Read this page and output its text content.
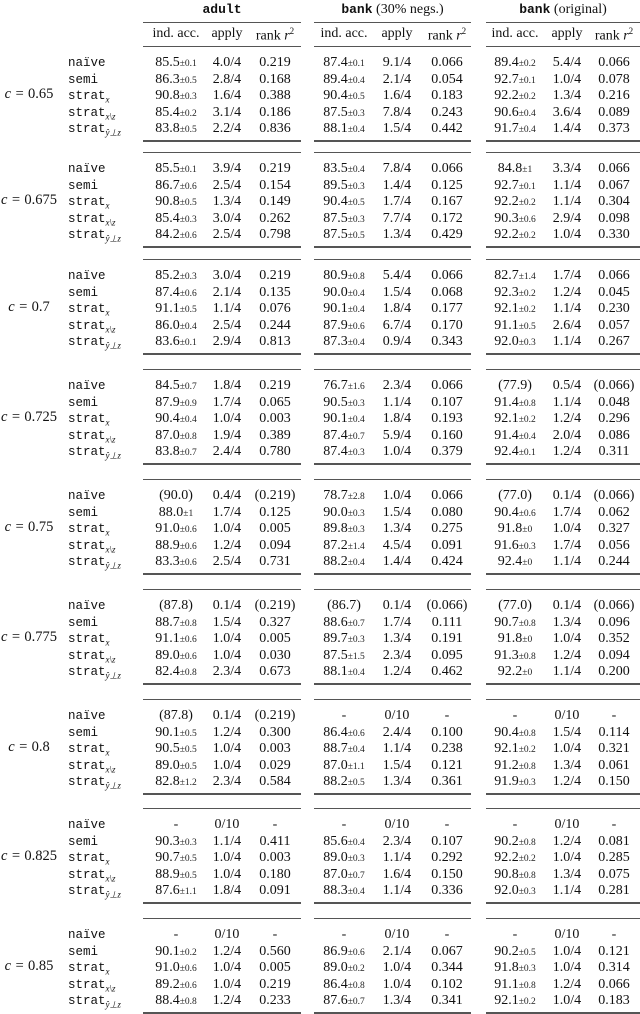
adult
ind. acc. apply rank $r^2$
bank (30% negs.)
ind. acc. apply	rank $r^2$
bank (original)
ind. acc. apply rank $r^2$
c = 0.65
naïve	85.5±0.1	4.0/4	0.219	87.4±0.1	9.1/4	0.066	89.4±0.2	5.4/4	0.066
semi	86.3±0.5	2.8/4	0.168	89.4±0.4	2.1/4	0.054	92.7±0.1	1.0/4	0.078
strat$_x$	90.8±0.3	1.6/4	0.388	90.4±0.5	1.6/4	0.183	92.2±0.2	1.3/4	0.216
strat$_{x\backslash z}$	85.4±0.2	3.1/4	0.186	87.5±0.3	7.8/4	0.243	90.6±0.4	3.6/4	0.089
strat$_{ŷ\perp z}$	83.8±0.5	2.2/4	0.836	88.1±0.4	1.5/4	0.442	91.7±0.4	1.4/4	0.373
c = 0.675
naïve	85.5±0.1	3.9/4	0.219	83.5±0.4	7.8/4	0.066	84.8±1	3.3/4	0.066
semi	86.7±0.6	2.5/4	0.154	89.5±0.3	1.4/4	0.125	92.7±0.1	1.1/4	0.067
strat$_x$	90.8±0.5	1.3/4	0.149	90.4±0.5	1.7/4	0.167	92.2±0.2	1.1/4	0.304
strat$_{x\backslash z}$	85.4±0.3	3.0/4	0.262	87.5±0.3	7.7/4	0.172	90.3±0.6	2.9/4	0.098
strat$_{ŷ\perp z}$	84.2±0.6	2.5/4	0.798	87.5±0.5	1.3/4	0.429	92.2±0.2	1.0/4	0.330
c = 0.7
naïve	85.2±0.3	3.0/4	0.219	80.9±0.8	5.4/4	0.066	82.7±1.4	1.7/4	0.066
semi	87.4±0.6	2.1/4	0.135	90.0±0.4	1.5/4	0.068	92.3±0.2	1.2/4	0.045
strat$_x$	91.1±0.5	1.1/4	0.076	90.1±0.4	1.8/4	0.177	92.1±0.2	1.1/4	0.230
strat$_{x\backslash z}$	86.0±0.4	2.5/4	0.244	87.9±0.6	6.7/4	0.170	91.1±0.5	2.6/4	0.057
strat$_{ŷ\perp z}$	83.6±0.1	2.9/4	0.813	87.3±0.4	0.9/4	0.343	92.0±0.3	1.1/4	0.267
c = 0.725
naïve	84.5±0.7	1.8/4	0.219	76.7±1.6	2.3/4	0.066	(77.9)	0.5/4 (0.066)
semi	87.9±0.9	1.7/4	0.065	90.5±0.3	1.1/4	0.107	91.4±0.8	1.1/4	0.048
strat$_x$	90.4±0.4	1.0/4	0.003	90.1±0.4	1.8/4	0.193	92.1±0.2	1.2/4	0.296
strat$_{x\backslash z}$	87.0±0.8	1.9/4	0.389	87.4±0.7	5.9/4	0.160	91.4±0.4	2.0/4	0.086
strat$_{ŷ\perp z}$	83.8±0.7	2.4/4	0.780	87.4±0.3	1.0/4	0.379	92.4±0.1	1.2/4	0.311
c = 0.75
naïve	(90.0)	0.4/4 (0.219)	78.7±2.8	1.0/4	0.066	(77.0)	0.1/4 (0.066)
semi	88.0±1	1.7/4	0.125	90.0±0.3	1.5/4	0.080	90.4±0.6	1.7/4	0.062
strat$_x$	91.0±0.6	1.0/4	0.005	89.8±0.3	1.3/4	0.275	91.8±0	1.0/4	0.327
strat$_{x\backslash z}$	88.9±0.6	1.2/4	0.094	87.2±1.4	4.5/4	0.091	91.6±0.3	1.7/4	0.056
strat$_{ŷ\perp z}$	83.3±0.6	2.5/4	0.731	88.2±0.4	1.4/4	0.424	92.4±0	1.1/4	0.244
c = 0.775
naïve	(87.8)	0.1/4 (0.219)	(86.7)	0.1/4	(0.066)	(77.0)	0.1/4 (0.066)
semi	88.7±0.8	1.5/4	0.327	88.6±0.7	1.7/4	0.111	90.7±0.8	1.3/4	0.096
strat$_x$	91.1±0.6	1.0/4	0.005	89.7±0.3	1.3/4	0.191	91.8±0	1.0/4	0.352
strat$_{x\backslash z}$	89.0±0.6	1.0/4	0.030	87.5±1.5	2.3/4	0.095	91.3±0.8	1.2/4	0.094
strat$_{ŷ\perp z}$	82.4±0.8	2.3/4	0.673	88.1±0.4	1.2/4	0.462	92.2±0	1.1/4	0.200
c = 0.8
naïve	(87.8)	0.1/4 (0.219)	-	0/10	-	-	0/10	-
semi	90.1±0.5	1.2/4	0.300	86.4±0.6	2.4/4	0.100	90.4±0.8	1.5/4	0.114
strat$_x$	90.5±0.5	1.0/4	0.003	88.7±0.4	1.1/4	0.238	92.1±0.2	1.0/4	0.321
strat$_{x\backslash z}$	89.0±0.5	1.0/4	0.029	87.0±1.1	1.5/4	0.121	91.2±0.8	1.3/4	0.061
strat$_{ŷ\perp z}$	82.8±1.2	2.3/4	0.584	88.2±0.5	1.3/4	0.361	91.9±0.3	1.2/4	0.150
c = 0.825
naïve	-	0/10	-	-	0/10	-	-	0/10	-
semi	90.3±0.3	1.1/4	0.411	85.6±0.4	2.3/4	0.107	90.2±0.8	1.2/4	0.081
strat$_x$	90.7±0.5	1.0/4	0.003	89.0±0.3	1.1/4	0.292	92.2±0.2	1.0/4	0.285
strat$_{x\backslash z}$	88.9±0.5	1.0/4	0.180	87.0±0.7	1.6/4	0.150	90.8±0.8	1.3/4	0.075
strat$_{ŷ\perp z}$	87.6±1.1	1.8/4	0.091	88.3±0.4	1.1/4	0.336	92.0±0.3	1.1/4	0.281
c = 0.85
naïve	-	0/10	-	-	0/10	-	-	0/10	-
semi	90.1±0.2	1.2/4	0.560	86.9±0.6	2.1/4	0.067	90.2±0.5	1.0/4	0.121
strat$_x$	91.0±0.6	1.0/4	0.005	89.0±0.2	1.0/4	0.344	91.8±0.3	1.0/4	0.314
strat$_{x\backslash z}$	89.2±0.6	1.0/4	0.219	86.4±0.8	1.0/4	0.102	91.1±0.8	1.2/4	0.066
strat$_{ŷ\perp z}$	88.4±0.8	1.2/4	0.233	87.6±0.7	1.3/4	0.341	92.1±0.2	1.0/4	0.183
